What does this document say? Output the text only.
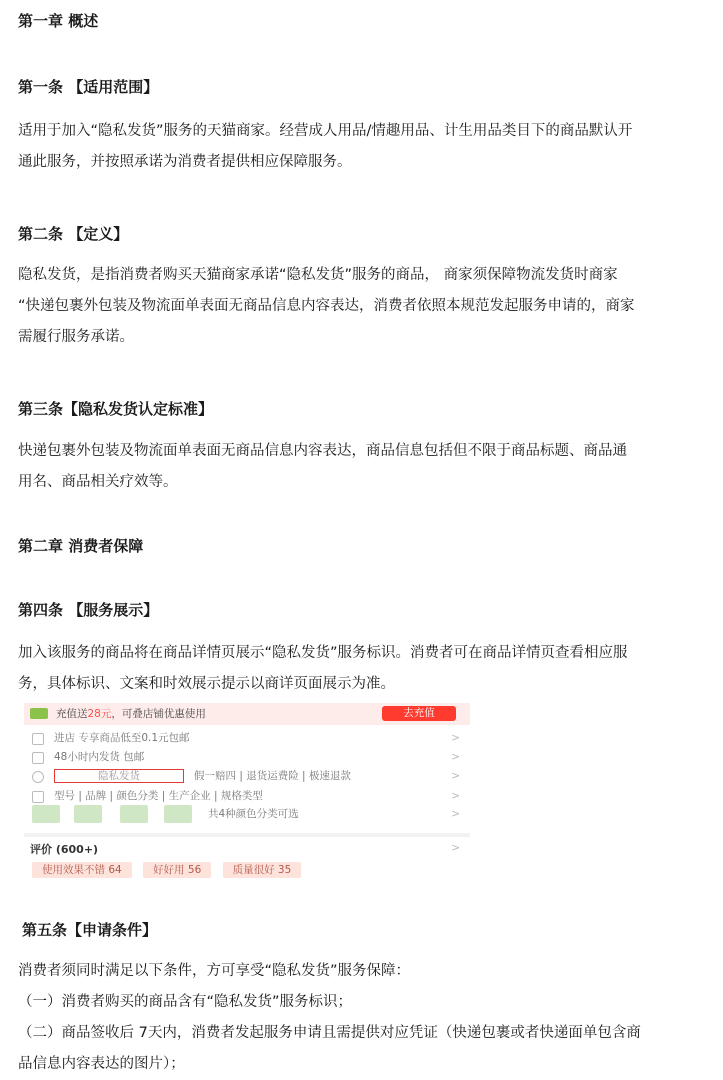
第一章 概述
第一条 【适用范围】
适用于加入“隐私发货”服务的天猫商家。经营成人用品/情趣用品、计生用品类目下的商品默认开
通此服务，并按照承诺为消费者提供相应保障服务。
第二条 【定义】
隐私发货，是指消费者购买天猫商家承诺“隐私发货”服务的商品， 商家须保障物流发货时商家
“快递包裹外包装及物流面单表面无商品信息内容表达，消费者依照本规范发起服务申请的，商家
需履行服务承诺。
第三条【隐私发货认定标准】
快递包裹外包装及物流面单表面无商品信息内容表达，商品信息包括但不限于商品标题、商品通
用名、商品相关疗效等。
第二章 消费者保障
第四条 【服务展示】
加入该服务的商品将在商品详情页展示“隐私发货”服务标识。消费者可在商品详情页查看相应服
务，具体标识、文案和时效展示提示以商详页面展示为准。
充值送28元，可叠店铺优惠使用	去充值
进店 专享商品低至0.1元包邮	>
48小时内发货 包邮	>
隐私发货	假一赔四 | 退货运费险 | 极速退款	>
型号 | 品牌 | 颜色分类 | 生产企业 | 规格类型	>
共4种颜色分类可选	>
评价 (600+)	>
使用效果不错 64	好好用 56	质量很好 35
第五条【申请条件】
消费者须同时满足以下条件，方可享受“隐私发货”服务保障：
（一）消费者购买的商品含有“隐私发货”服务标识；
（二）商品签收后 7天内，消费者发起服务申请且需提供对应凭证（快递包裹或者快递面单包含商
品信息内容表达的图片）；
